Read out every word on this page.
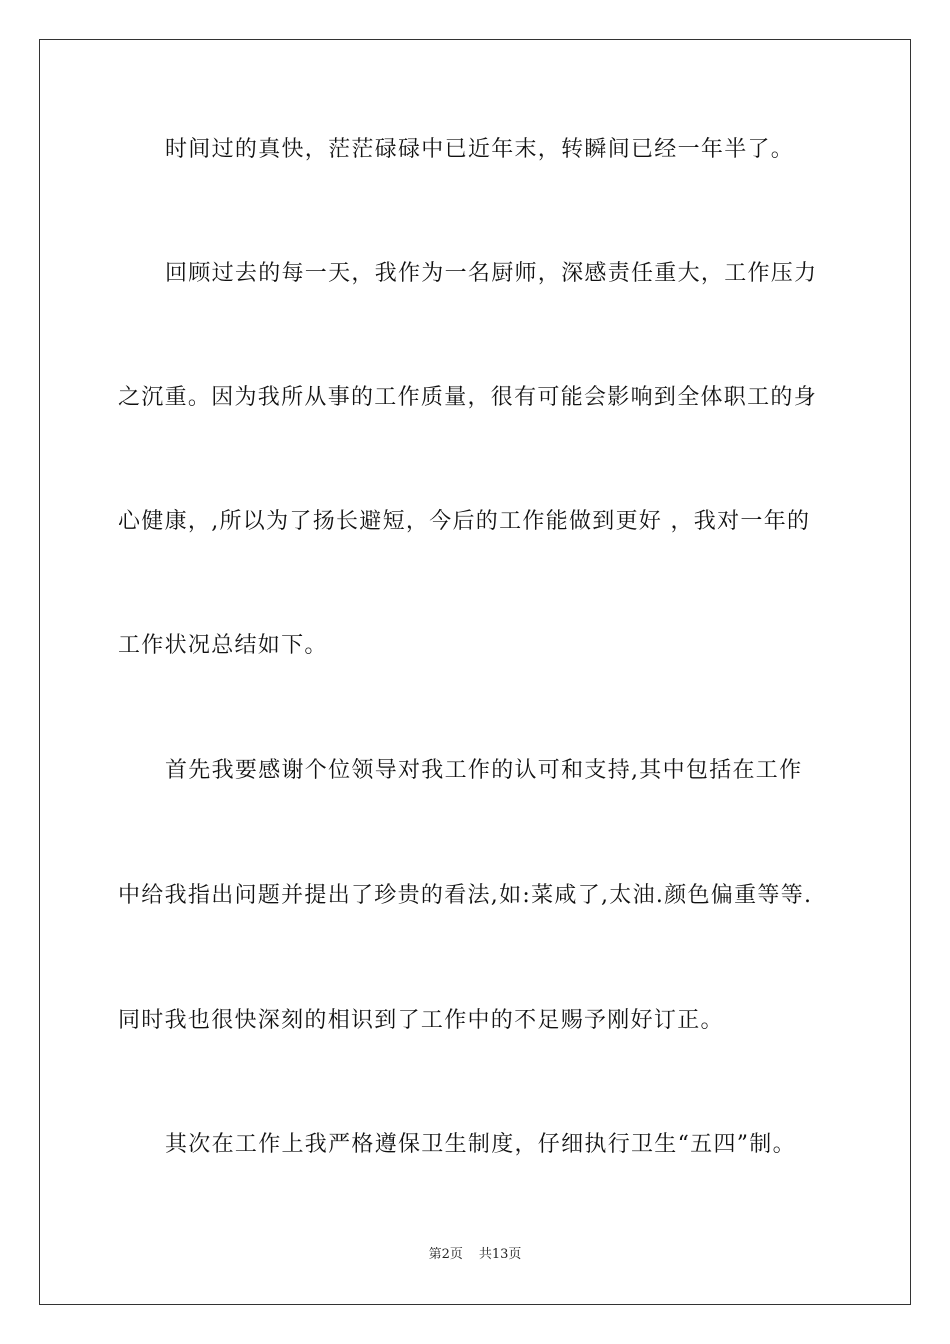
时间过的真快，茫茫碌碌中已近年末，转瞬间已经一年半了。
回顾过去的每一天，我作为一名厨师，深感责任重大，工作压力
之沉重。因为我所从事的工作质量，很有可能会影响到全体职工的身
心健康，,所以为了扬长避短，今后的工作能做到更好 ，我对一年的
工作状况总结如下。
首先我要感谢个位领导对我工作的认可和支持,其中包括在工作
中给我指出问题并提出了珍贵的看法,如:菜咸了,太油.颜色偏重等等.
同时我也很快深刻的相识到了工作中的不足赐予刚好订正。
其次在工作上我严格遵保卫生制度，仔细执行卫生“五四”制。
第2页 共13页
